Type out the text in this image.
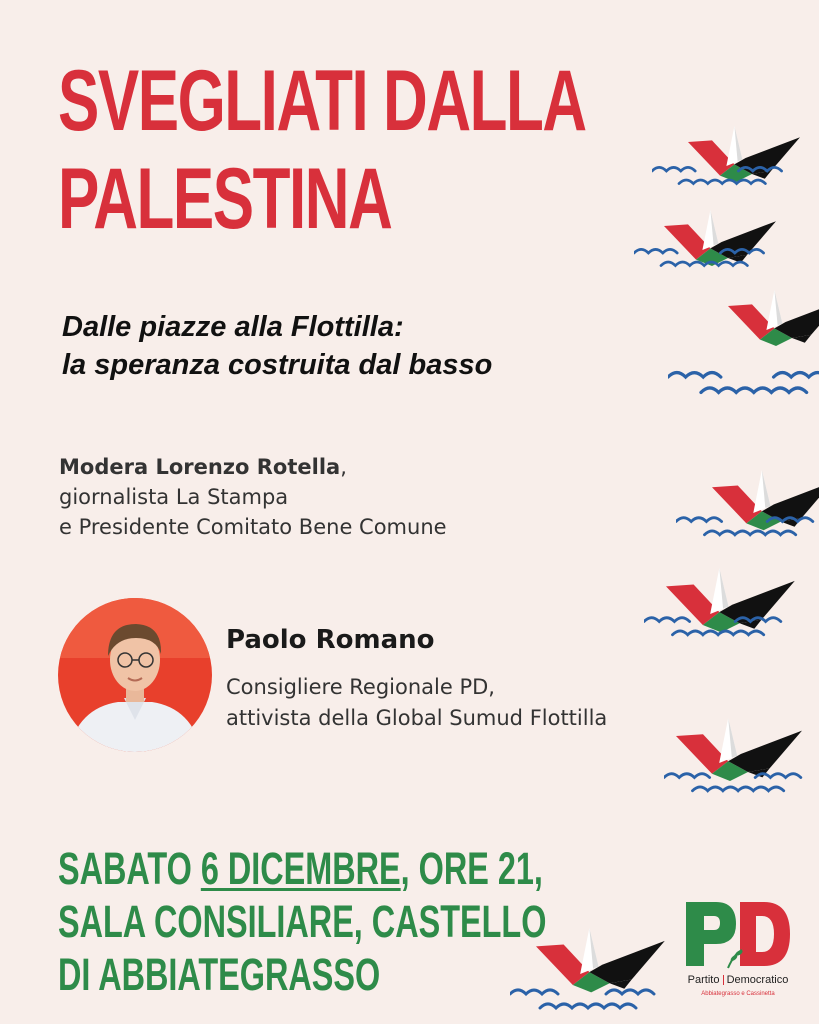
SVEGLIATI DALLA
PALESTINA
Dalle piazze alla Flottilla:
la speranza costruita dal basso
Modera Lorenzo Rotella,
giornalista La Stampa
e Presidente Comitato Bene Comune
Paolo Romano
Consigliere Regionale PD,
attivista della Global Sumud Flottilla
SABATO 6 DICEMBRE, ORE 21,
SALA CONSILIARE, CASTELLO
DI ABBIATEGRASSO	Partito Democratico
Abbiategrasso e Cassinetta
